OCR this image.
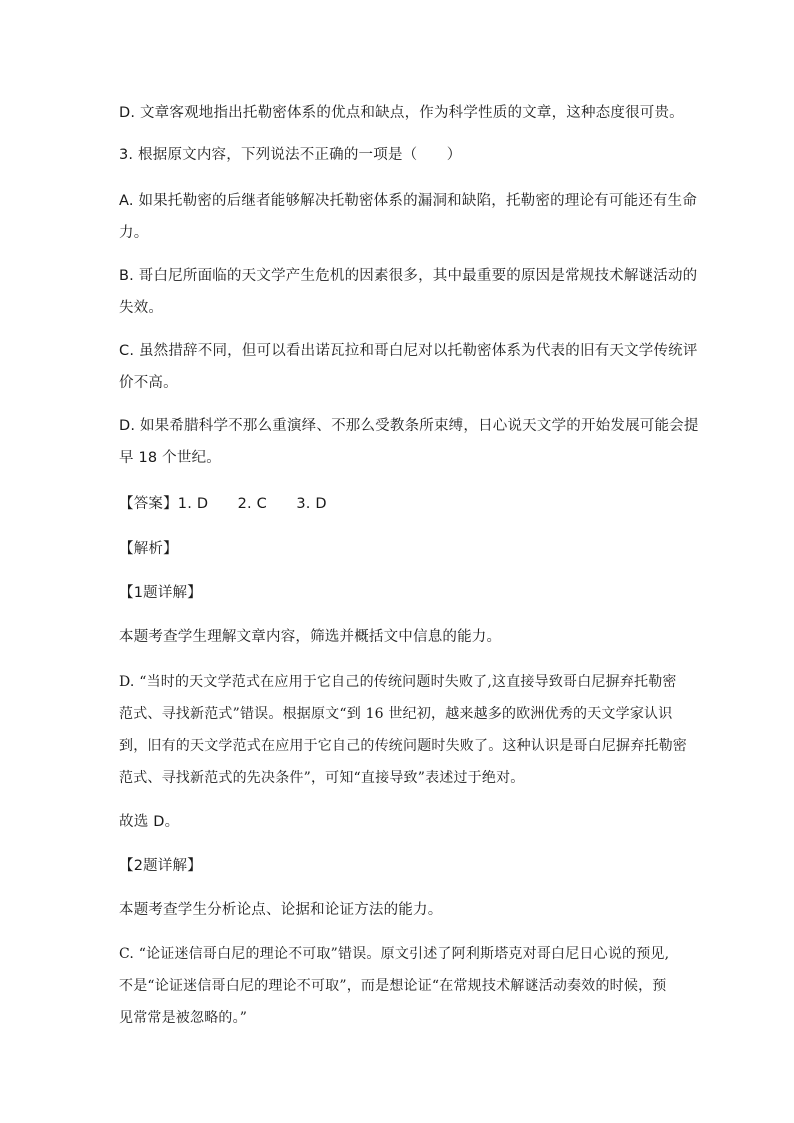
D. 文章客观地指出托勒密体系的优点和缺点，作为科学性质的文章，这种态度很可贵。
3. 根据原文内容，下列说法不正确的一项是（　　）
A. 如果托勒密的后继者能够解决托勒密体系的漏洞和缺陷，托勒密的理论有可能还有生命
力。
B. 哥白尼所面临的天文学产生危机的因素很多，其中最重要的原因是常规技术解谜活动的
失效。
C. 虽然措辞不同，但可以看出诺瓦拉和哥白尼对以托勒密体系为代表的旧有天文学传统评
价不高。
D. 如果希腊科学不那么重演绎、不那么受教条所束缚，日心说天文学的开始发展可能会提
早 18 个世纪。
【答案】1. D　　2. C　　3. D
【解析】
【1题详解】
本题考查学生理解文章内容，筛选并概括文中信息的能力。
D. “当时的天文学范式在应用于它自己的传统问题时失败了,这直接导致哥白尼摒弃托勒密
范式、寻找新范式”错误。根据原文“到 16 世纪初，越来越多的欧洲优秀的天文学家认识
到，旧有的天文学范式在应用于它自己的传统问题时失败了。这种认识是哥白尼摒弃托勒密
范式、寻找新范式的先决条件”，可知“直接导致”表述过于绝对。
故选 D。
【2题详解】
本题考查学生分析论点、论据和论证方法的能力。
C. “论证迷信哥白尼的理论不可取”错误。原文引述了阿利斯塔克对哥白尼日心说的预见,
不是“论证迷信哥白尼的理论不可取”，而是想论证“在常规技术解谜活动奏效的时候，预
见常常是被忽略的。”
